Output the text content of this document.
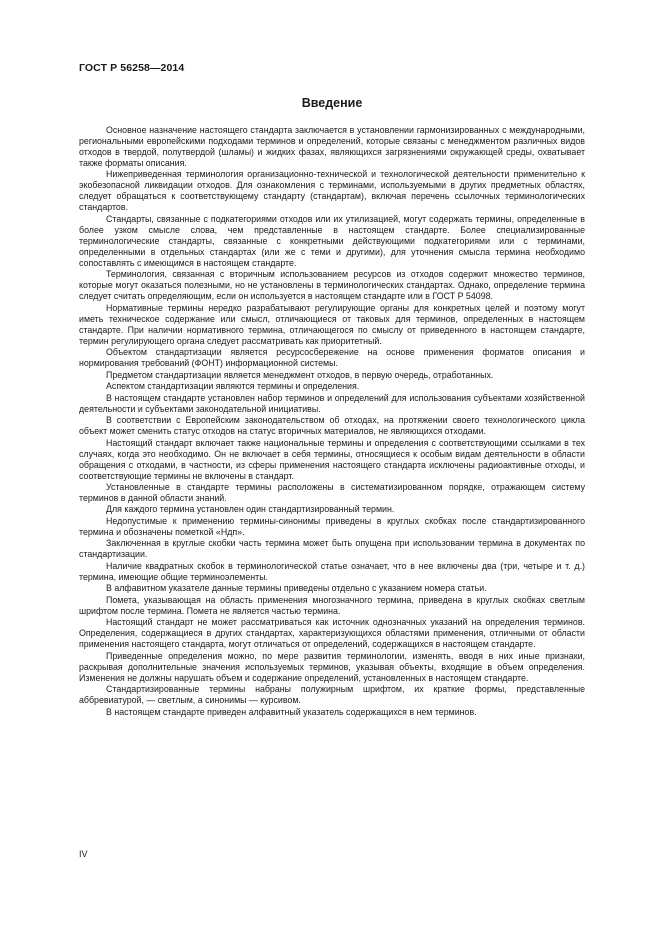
ГОСТ Р 56258—2014
Введение

Основное назначение настоящего стандарта заключается в установлении гармонизированных с международными, региональными европейскими подходами терминов и определений, которые связаны с менеджментом различных видов отходов в твердой, полутвердой (шламы) и жидких фазах, являющихся загрязнениями окружающей среды, охватывает также форматы описания.

Нижеприведенная терминология организационно-технической и технологической деятельности применительно к экобезопасной ликвидации отходов. Для ознакомления с терминами, используемыми в других предметных областях, следует обращаться к соответствующему стандарту (стандартам), включая перечень ссылочных терминологических стандартов.

Стандарты, связанные с подкатегориями отходов или их утилизацией, могут содержать термины, определенные в более узком смысле слова, чем представленные в настоящем стандарте. Более специализированные терминологические стандарты, связанные с конкретными действующими подкатегориями или с терминами, определенными в отдельных стандартах (или же с теми и другими), для уточнения смысла термина необходимо сопоставлять с имеющимся в настоящем стандарте.

Терминология, связанная с вторичным использованием ресурсов из отходов содержит множество терминов, которые могут оказаться полезными, но не установлены в терминологических стандартах. Однако, определение термина следует считать определяющим, если он используется в настоящем стандарте или в ГОСТ Р 54098.

Нормативные термины нередко разрабатывают регулирующие органы для конкретных целей и поэтому могут иметь техническое содержание или смысл, отличающиеся от таковых для терминов, определенных в настоящем стандарте. При наличии нормативного термина, отличающегося по смыслу от приведенного в настоящем стандарте, термин регулирующего органа следует рассматривать как приоритетный.

Объектом стандартизации является ресурсосбережение на основе применения форматов описания и нормирования требований (ФОНТ) информационной системы.

Предметом стандартизации является менеджмент отходов, в первую очередь, отработанных.

Аспектом стандартизации являются термины и определения.

В настоящем стандарте установлен набор терминов и определений для использования субъектами хозяйственной деятельности и субъектами законодательной инициативы.

В соответствии с Европейским законодательством об отходах, на протяжении своего технологического цикла объект может сменить статус отходов на статус вторичных материалов, не являющихся отходами.

Настоящий стандарт включает также национальные термины и определения с соответствующими ссылками в тех случаях, когда это необходимо. Он не включает в себя термины, относящиеся к особым видам деятельности в области обращения с отходами, в частности, из сферы применения настоящего стандарта исключены радиоактивные отходы, и соответствующие термины не включены в стандарт.

Установленные в стандарте термины расположены в систематизированном порядке, отражающем систему терминов в данной области знаний.

Для каждого термина установлен один стандартизированный термин.

Недопустимые к применению термины-синонимы приведены в круглых скобках после стандартизированного термина и обозначены пометкой «Ндп».

Заключенная в круглые скобки часть термина может быть опущена при использовании термина в документах по стандартизации.

Наличие квадратных скобок в терминологической статье означает, что в нее включены два (три, четыре и т. д.) термина, имеющие общие терминоэлементы.

В алфавитном указателе данные термины приведены отдельно с указанием номера статьи.

Помета, указывающая на область применения многозначного термина, приведена в круглых скобках светлым шрифтом после термина. Помета не является частью термина.

Настоящий стандарт не может рассматриваться как источник однозначных указаний на определения терминов. Определения, содержащиеся в других стандартах, характеризующихся областями применения, отличными от области применения настоящего стандарта, могут отличаться от определений, содержащихся в настоящем стандарте.

Приведенные определения можно, по мере развития терминологии, изменять, вводя в них иные признаки, раскрывая дополнительные значения используемых терминов, указывая объекты, входящие в объем определения. Изменения не должны нарушать объем и содержание определений, установленных в настоящем стандарте.

Стандартизированные термины набраны полужирным шрифтом, их краткие формы, представленные аббревиатурой, — светлым, а синонимы — курсивом.

В настоящем стандарте приведен алфавитный указатель содержащихся в нем терминов.

IV
